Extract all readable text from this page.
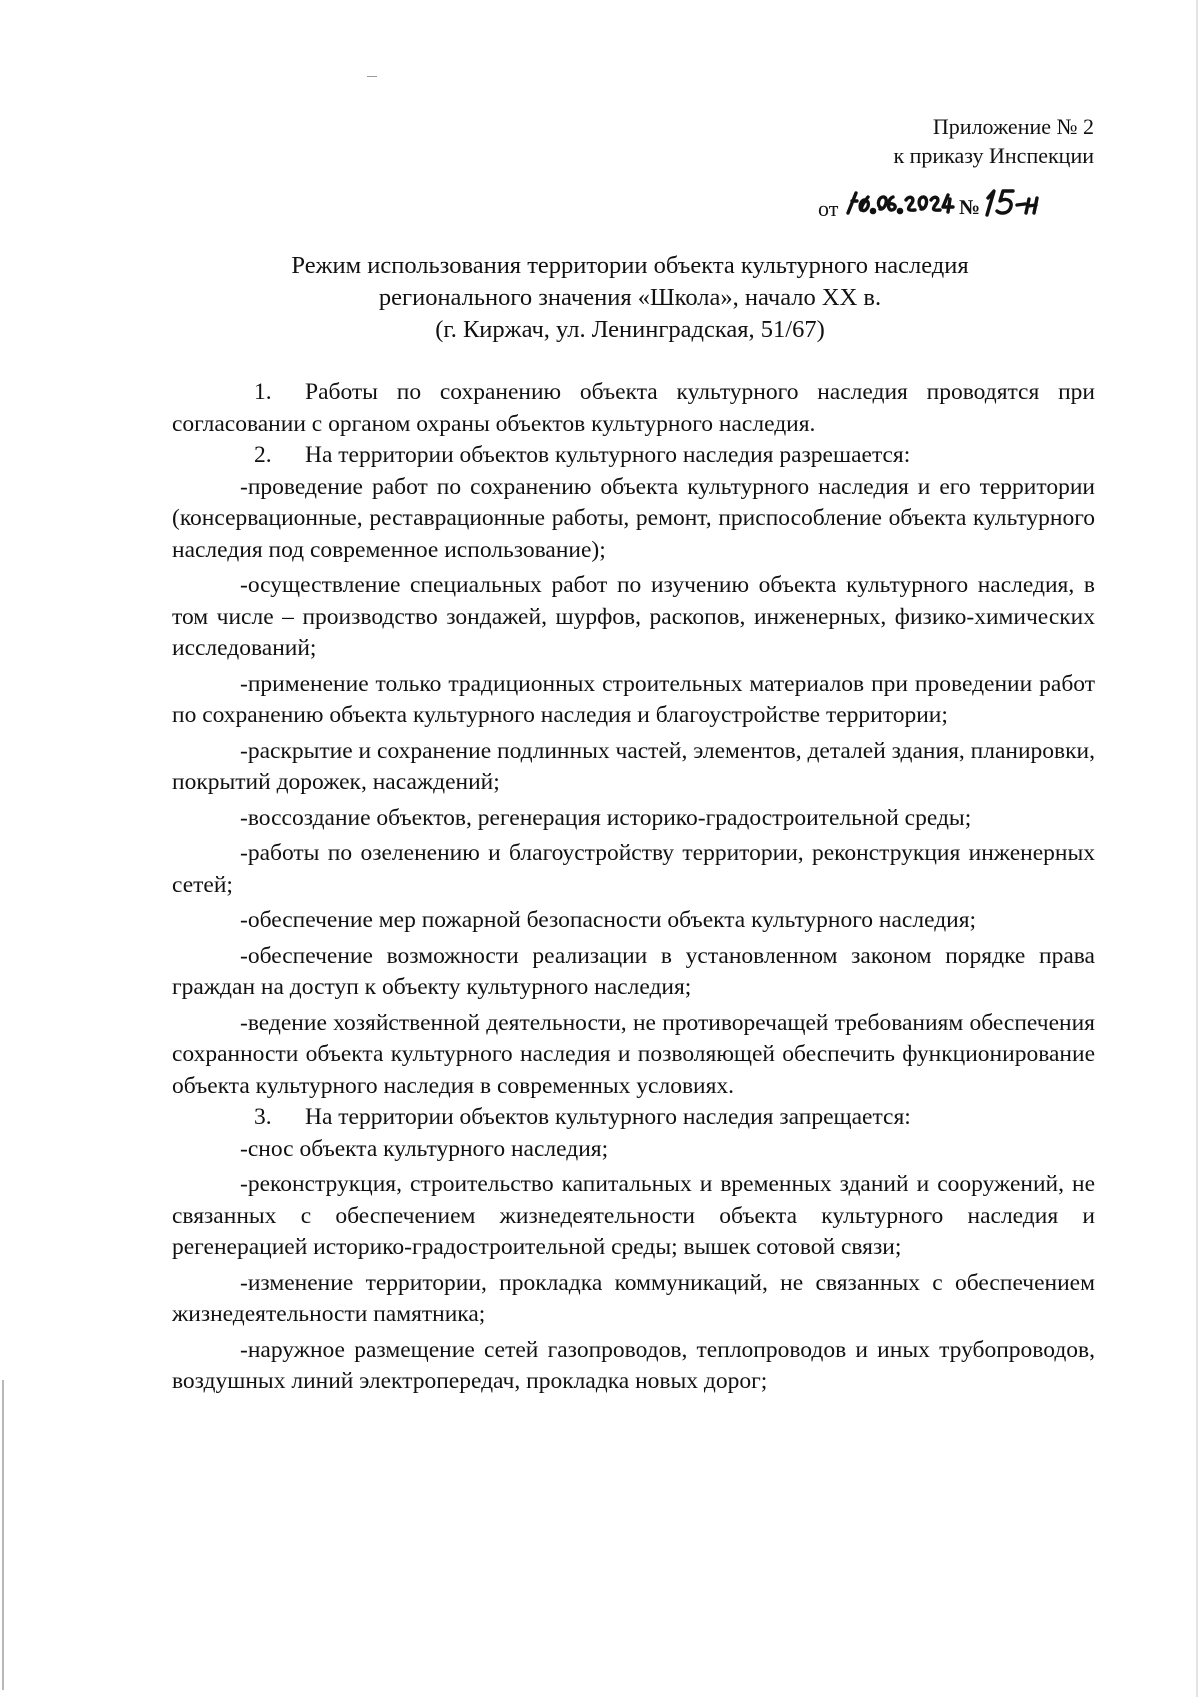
Приложение № 2
к приказу Инспекции
от	№
Режим использования территории объекта культурного наследия
регионального значения «Школа», начало XX в.
(г. Киржач, ул. Ленинградская, 51/67)

1. Работы по сохранению объекта культурного наследия проводятся при согласовании с органом охраны объектов культурного наследия.

2. На территории объектов культурного наследия разрешается:

-проведение работ по сохранению объекта культурного наследия и его территории (консервационные, реставрационные работы, ремонт, приспособление объекта культурного наследия под современное использование);

-осуществление специальных работ по изучению объекта культурного наследия, в том числе – производство зондажей, шурфов, раскопов, инженерных, физико-химических исследований;

-применение только традиционных строительных материалов при проведении работ по сохранению объекта культурного наследия и благоустройстве территории;

-раскрытие и сохранение подлинных частей, элементов, деталей здания, планировки, покрытий дорожек, насаждений;

-воссоздание объектов, регенерация историко-градостроительной среды;

-работы по озеленению и благоустройству территории, реконструкция инженерных сетей;

-обеспечение мер пожарной безопасности объекта культурного наследия;

-обеспечение возможности реализации в установленном законом порядке права граждан на доступ к объекту культурного наследия;

-ведение хозяйственной деятельности, не противоречащей требованиям обеспечения сохранности объекта культурного наследия и позволяющей обеспечить функционирование объекта культурного наследия в современных условиях.

3. На территории объектов культурного наследия запрещается:

-снос объекта культурного наследия;

-реконструкция, строительство капитальных и временных зданий и сооружений, не связанных с обеспечением жизнедеятельности объекта культурного наследия и регенерацией историко-градостроительной среды; вышек сотовой связи;

-изменение территории, прокладка коммуникаций, не связанных с обеспечением жизнедеятельности памятника;

-наружное размещение сетей газопроводов, теплопроводов и иных трубопроводов, воздушных линий электропередач, прокладка новых дорог;
